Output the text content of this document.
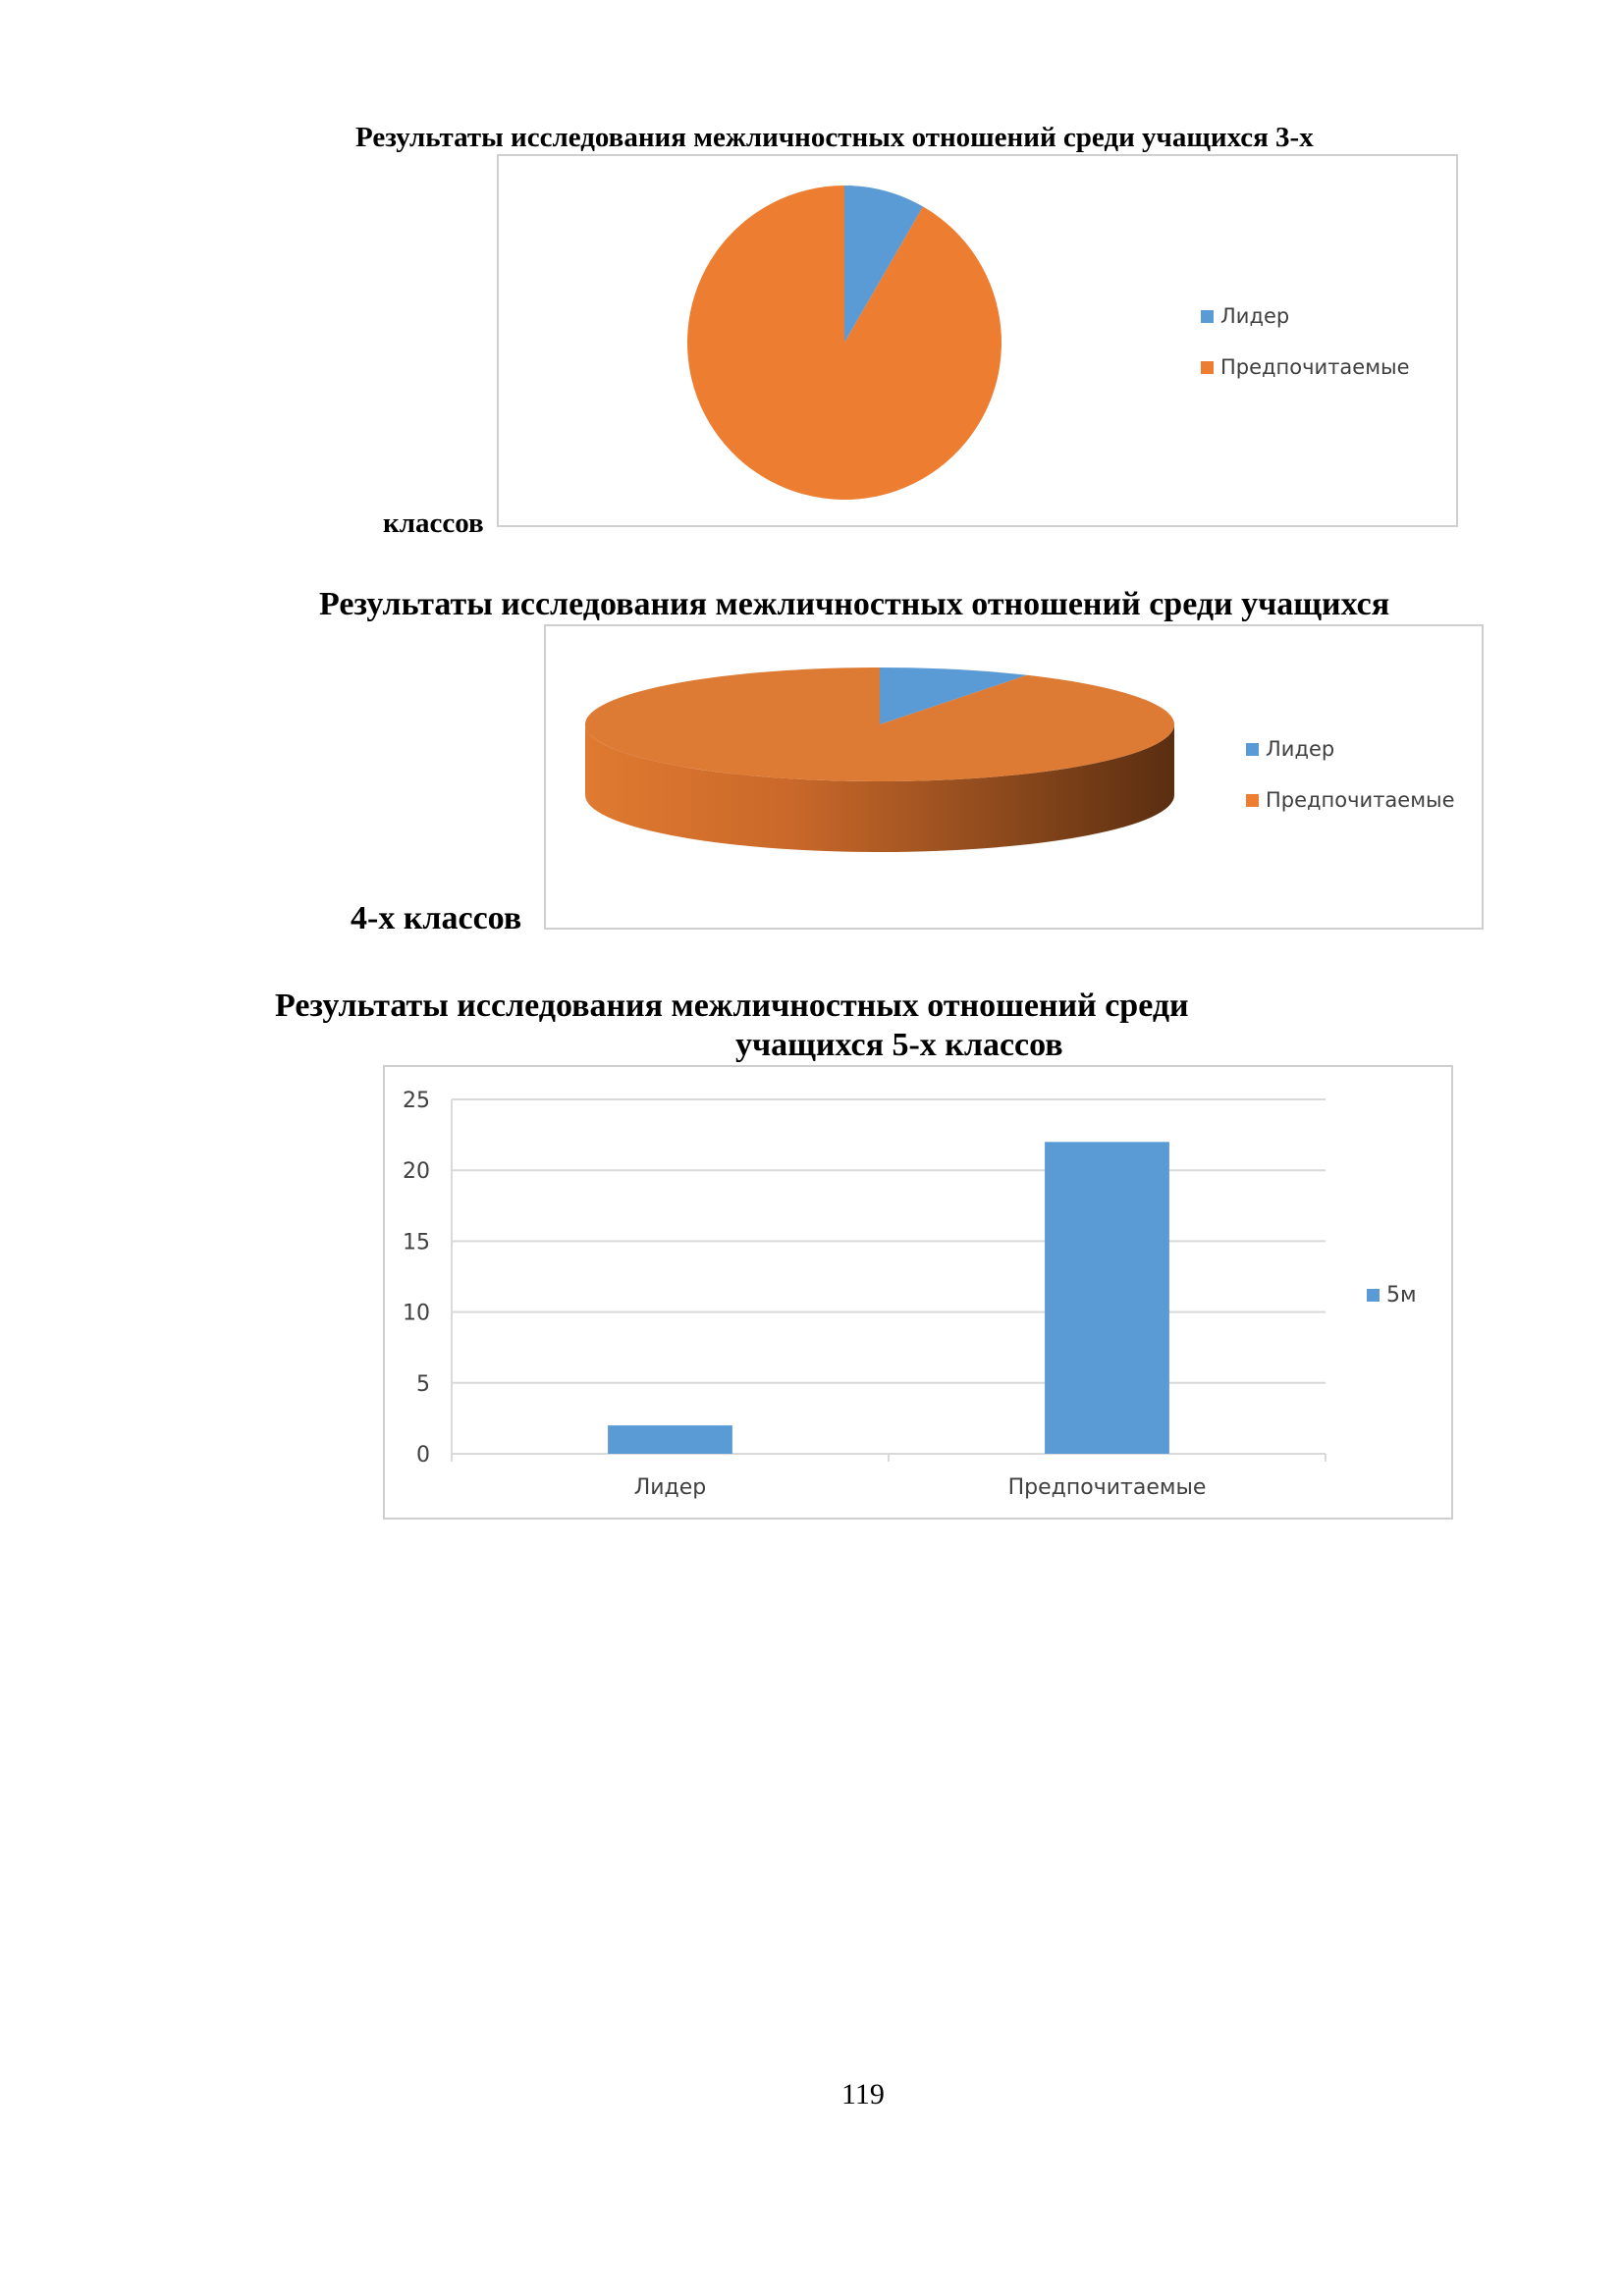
Результаты исследования межличностных отношений среди учащихся 3-х
Лидер
Предпочитаемые
классов
Результаты исследования межличностных отношений среди учащихся
Лидер
Предпочитаемые
4-х классов
Результаты исследования межличностных отношений среди
учащихся 5-х классов
0
5
10
15
20
25
Лидер	Предпочитаемые
5м
119
